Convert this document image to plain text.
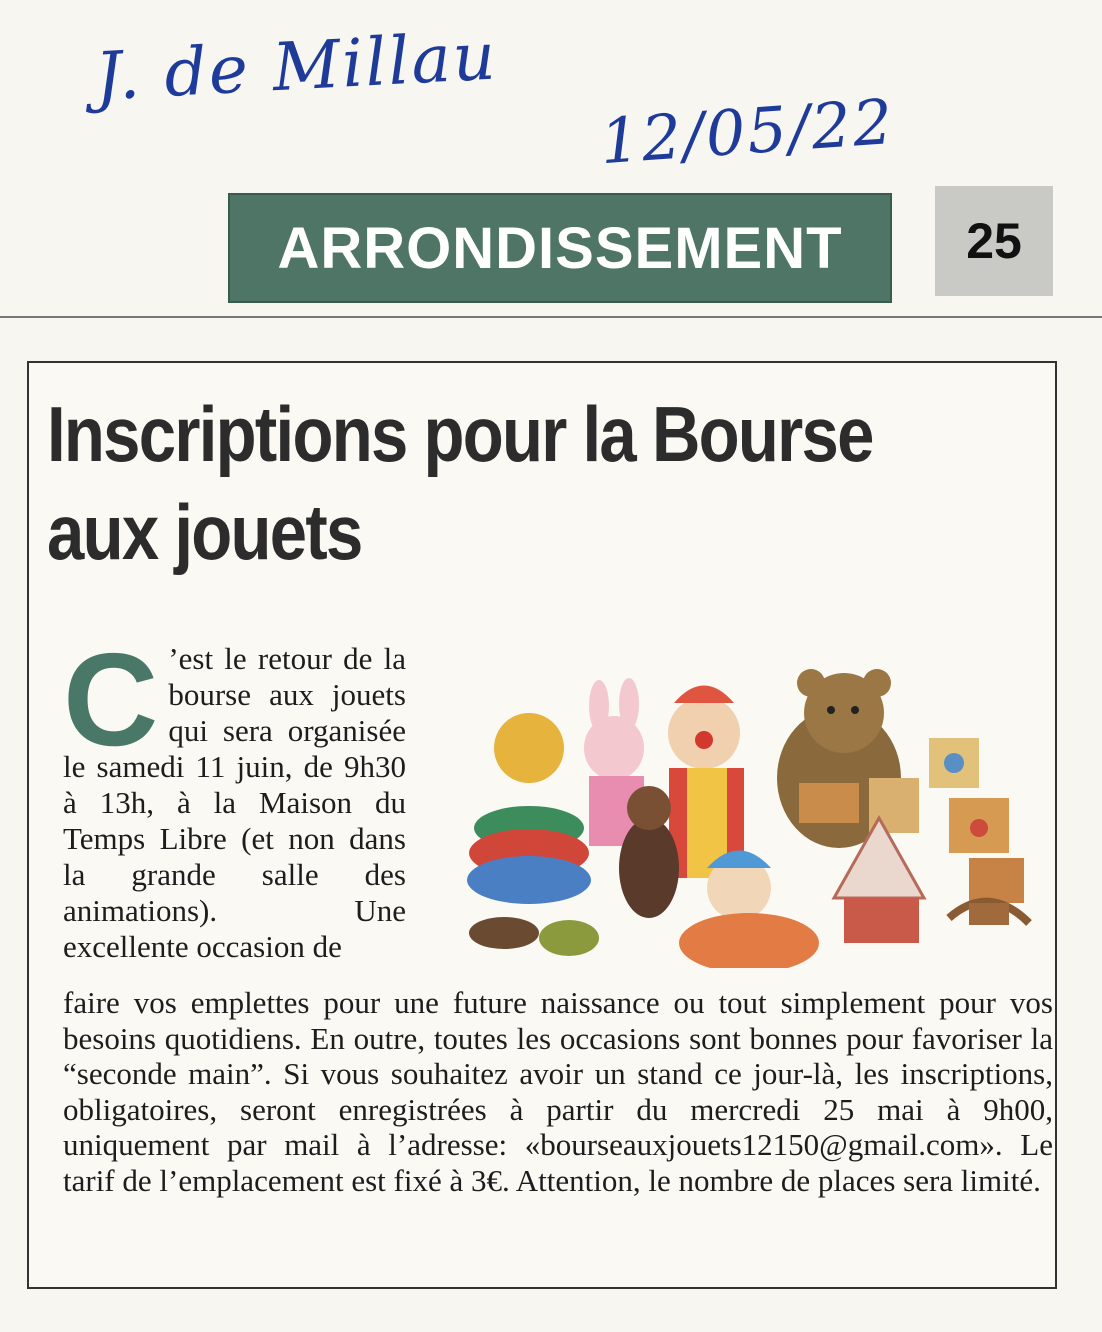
J. de Millau
12/05/22
ARRONDISSEMENT 25
Inscriptions pour la Bourse aux jouets
C ’est le retour de la bourse aux jouets qui sera organisée le samedi 11 juin, de 9h30 à 13h, à la Maison du Temps Libre (et non dans la grande salle des animations). Une excellente occasion de
faire vos emplettes pour une future naissance ou tout simplement pour vos besoins quotidiens. En outre, toutes les occasions sont bonnes pour favoriser la “seconde main”. Si vous souhaitez avoir un stand ce jour-là, les inscriptions, obligatoires, seront enregistrées à partir du mercredi 25 mai à 9h00, uniquement par mail à l’adresse: «bourseauxjouets12150@gmail.com». Le tarif de l’emplacement est fixé à 3€. Attention, le nombre de places sera limité.
